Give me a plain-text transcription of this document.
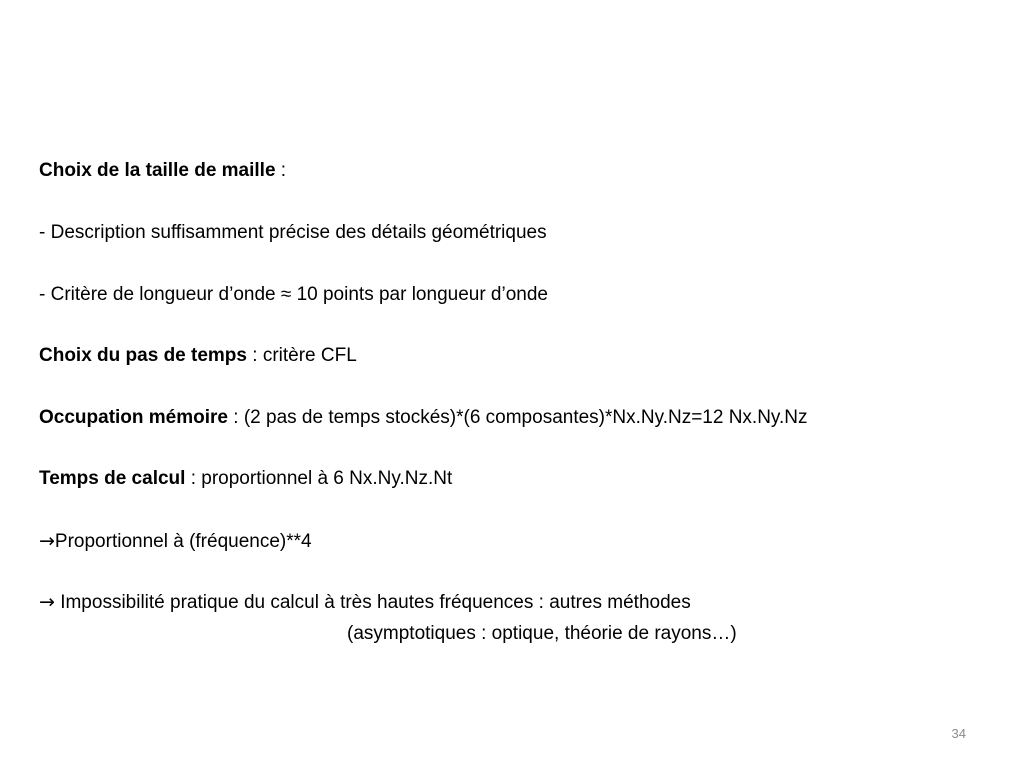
Choix de la taille de maille :
- Description suffisamment précise des détails géométriques
- Critère de longueur d’onde ≈ 10 points par longueur d’onde
Choix du pas de temps : critère CFL
Occupation mémoire : (2 pas de temps stockés)*(6 composantes)*Nx.Ny.Nz=12 Nx.Ny.Nz
Temps de calcul : proportionnel à 6 Nx.Ny.Nz.Nt
→Proportionnel à (fréquence)**4
→ Impossibilité pratique du calcul à très hautes fréquences : autres méthodes
(asymptotiques : optique, théorie de rayons…)
34
